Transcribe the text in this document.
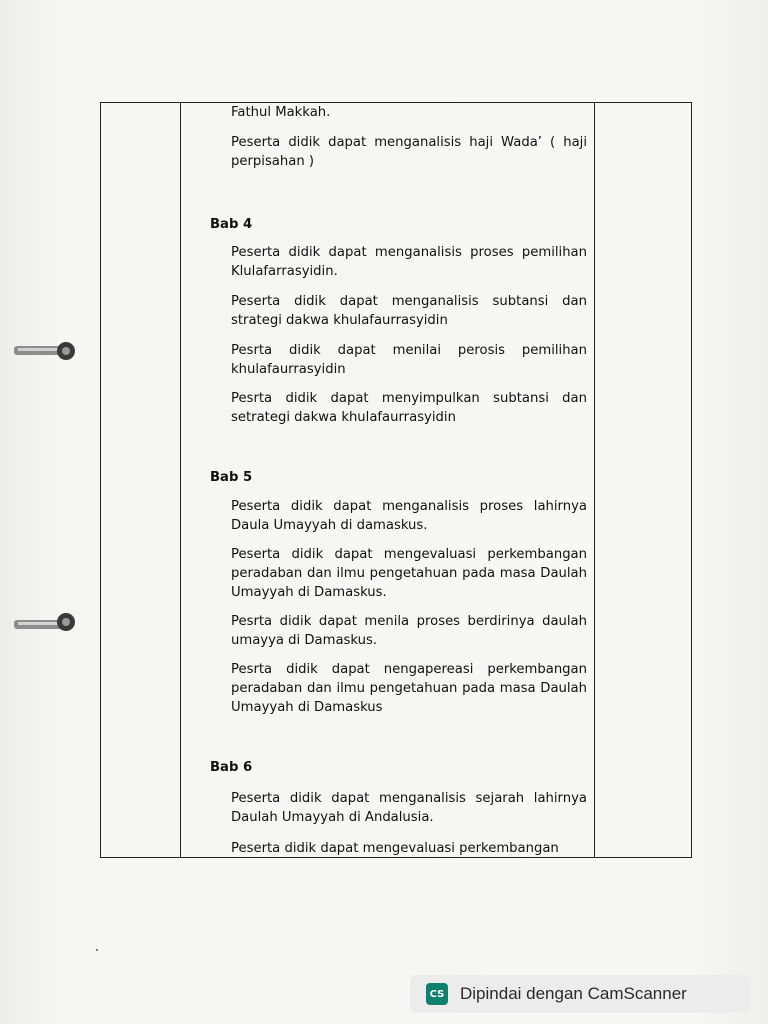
Fathul Makkah.

Peserta didik dapat menganalisis haji Wada’ ( haji perpisahan )

Bab 4

Peserta didik dapat menganalisis proses pemilihan Klulafarrasyidin.

Peserta didik dapat menganalisis subtansi dan strategi dakwa khulafaurrasyidin

Pesrta didik dapat menilai perosis pemilihan khulafaurrasyidin

Pesrta didik dapat menyimpulkan subtansi dan setrategi dakwa khulafaurrasyidin

Bab 5

Peserta didik dapat menganalisis proses lahirnya Daula Umayyah di damaskus.

Peserta didik dapat mengevaluasi perkembangan peradaban dan ilmu pengetahuan pada masa Daulah Umayyah di Damaskus.

Pesrta didik dapat menila proses berdirinya daulah umayya di Damaskus.

Pesrta didik dapat nengapereasi perkembangan peradaban dan ilmu pengetahuan pada masa Daulah Umayyah di Damaskus

Bab 6

Peserta didik dapat menganalisis sejarah lahirnya Daulah Umayyah di Andalusia.

Peserta didik dapat mengevaluasi perkembangan

CS Dipindai dengan CamScanner
